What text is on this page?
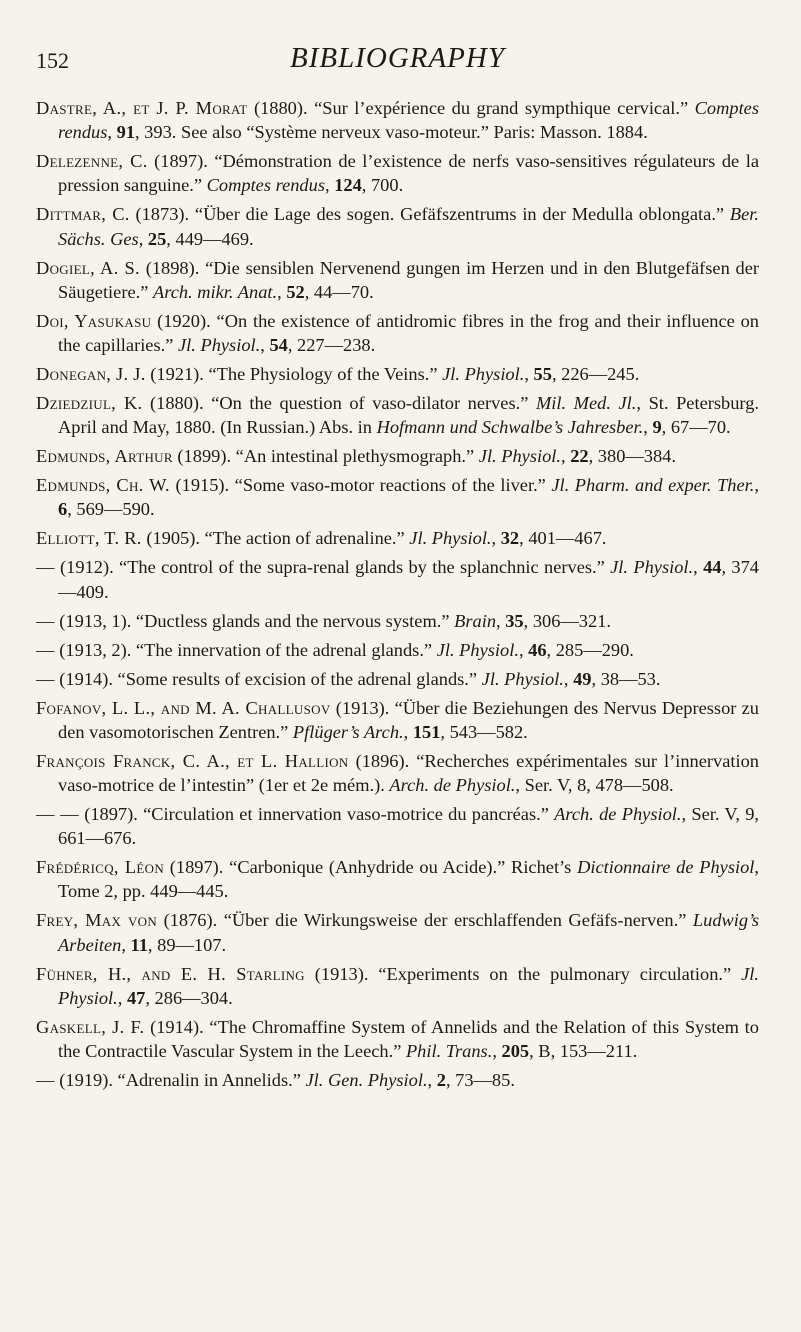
152	BIBLIOGRAPHY

Dastre, A., et J. P. Morat (1880). “Sur l’expérience du grand sympthique cervical.” Comptes rendus, 91, 393. See also “Système nerveux vaso-moteur.” Paris: Masson. 1884.

Delezenne, C. (1897). “Démonstration de l’existence de nerfs vaso-sensitives régulateurs de la pression sanguine.” Comptes rendus, 124, 700.

Dittmar, C. (1873). “Über die Lage des sogen. Gefäfszentrums in der Medulla oblongata.” Ber. Sächs. Ges, 25, 449—469.

Dogiel, A. S. (1898). “Die sensiblen Nervenend gungen im Herzen und in den Blutgefäfsen der Säugetiere.” Arch. mikr. Anat., 52, 44—70.

Doi, Yasukasu (1920). “On the existence of antidromic fibres in the frog and their influence on the capillaries.” Jl. Physiol., 54, 227—238.

Donegan, J. J. (1921). “The Physiology of the Veins.” Jl. Physiol., 55, 226—245.

Dziedziul, K. (1880). “On the question of vaso-dilator nerves.” Mil. Med. Jl., St. Petersburg. April and May, 1880. (In Russian.) Abs. in Hofmann und Schwalbe’s Jahresber., 9, 67—70.

Edmunds, Arthur (1899). “An intestinal plethysmograph.” Jl. Physiol., 22, 380—384.

Edmunds, Ch. W. (1915). “Some vaso-motor reactions of the liver.” Jl. Pharm. and exper. Ther., 6, 569—590.

Elliott, T. R. (1905). “The action of adrenaline.” Jl. Physiol., 32, 401—467.

— (1912). “The control of the supra-renal glands by the splanchnic nerves.” Jl. Physiol., 44, 374—409.

— (1913, 1). “Ductless glands and the nervous system.” Brain, 35, 306—321.

— (1913, 2). “The innervation of the adrenal glands.” Jl. Physiol., 46, 285—290.

— (1914). “Some results of excision of the adrenal glands.” Jl. Physiol., 49, 38—53.

Fofanov, L. L., and M. A. Challusov (1913). “Über die Beziehungen des Nervus Depressor zu den vasomotorischen Zentren.” Pflüger’s Arch., 151, 543—582.

François Franck, C. A., et L. Hallion (1896). “Recherches expérimentales sur l’innervation vaso-motrice de l’intestin” (1er et 2e mém.). Arch. de Physiol., Ser. V, 8, 478—508.

— — (1897). “Circulation et innervation vaso-motrice du pancréas.” Arch. de Physiol., Ser. V, 9, 661—676.

Frédéricq, Léon (1897). “Carbonique (Anhydride ou Acide).” Richet’s Dictionnaire de Physiol, Tome 2, pp. 449—445.

Frey, Max von (1876). “Über die Wirkungsweise der erschlaffenden Gefäfs-nerven.” Ludwig’s Arbeiten, 11, 89—107.

Fühner, H., and E. H. Starling (1913). “Experiments on the pulmonary circulation.” Jl. Physiol., 47, 286—304.

Gaskell, J. F. (1914). “The Chromaffine System of Annelids and the Relation of this System to the Contractile Vascular System in the Leech.” Phil. Trans., 205, B, 153—211.

— (1919). “Adrenalin in Annelids.” Jl. Gen. Physiol., 2, 73—85.
